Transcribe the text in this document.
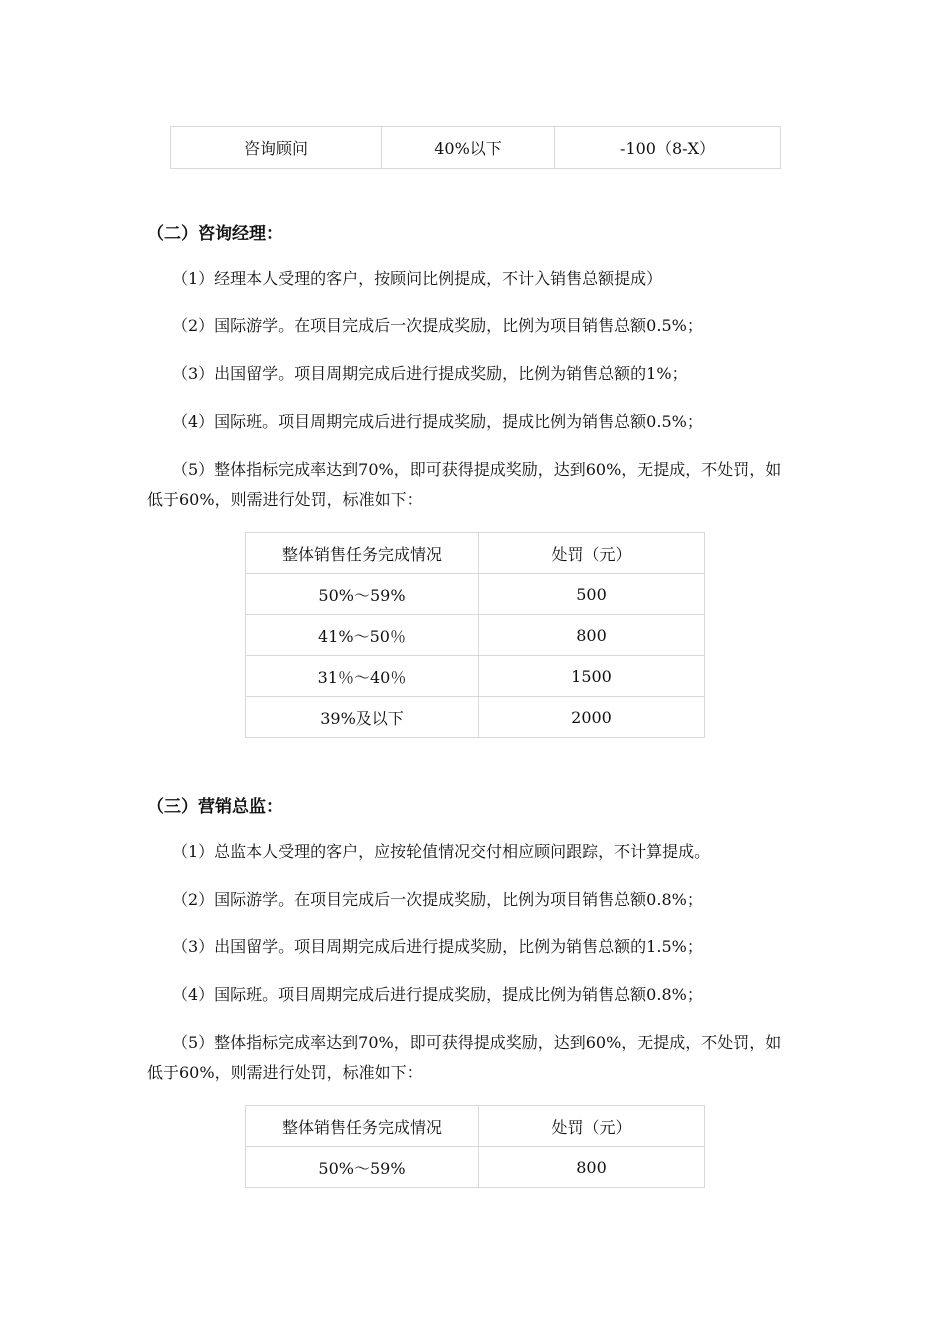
咨询顾问	40%以下	-100（8-X）
（二）咨询经理：
（1）经理本人受理的客户，按顾问比例提成，不计入销售总额提成）
（2）国际游学。在项目完成后一次提成奖励，比例为项目销售总额0.5%；
（3）出国留学。项目周期完成后进行提成奖励，比例为销售总额的1%；
（4）国际班。项目周期完成后进行提成奖励，提成比例为销售总额0.5%；
（5）整体指标完成率达到70%，即可获得提成奖励，达到60%，无提成，不处罚，如低于60%，则需进行处罚，标准如下：
整体销售任务完成情况	处罚（元）
50%～59%	500
41%～50％	800
31％～40％	1500
39%及以下	2000
（三）营销总监：
（1）总监本人受理的客户，应按轮值情况交付相应顾问跟踪，不计算提成。
（2）国际游学。在项目完成后一次提成奖励，比例为项目销售总额0.8%；
（3）出国留学。项目周期完成后进行提成奖励，比例为销售总额的1.5%；
（4）国际班。项目周期完成后进行提成奖励，提成比例为销售总额0.8%；
（5）整体指标完成率达到70%，即可获得提成奖励，达到60%，无提成，不处罚，如低于60%，则需进行处罚，标准如下：
整体销售任务完成情况	处罚（元）
50%～59%	800
